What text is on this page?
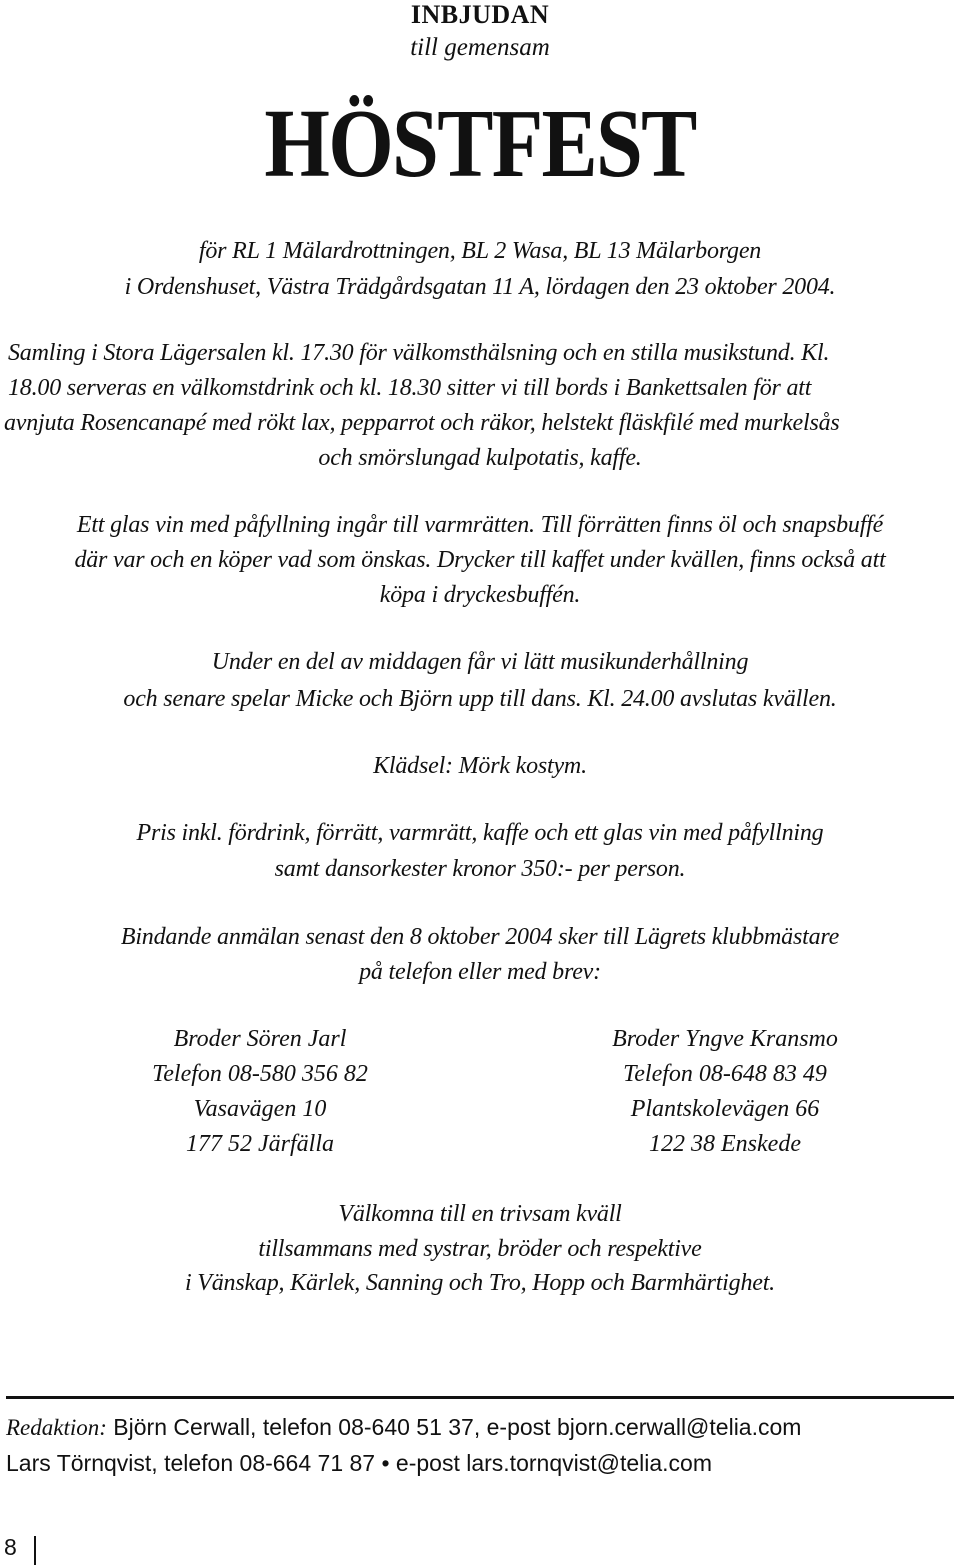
INBJUDAN
till gemensam
HÖSTFEST
för RL 1 Mälardrottningen, BL 2 Wasa, BL 13 Mälarborgen
i Ordenshuset, Västra Trädgårdsgatan 11 A, lördagen den 23 oktober 2004.
Samling i Stora Lägersalen kl. 17.30 för välkomsthälsning och en stilla musikstund. Kl.
18.00 serveras en välkomstdrink och kl. 18.30 sitter vi till bords i Bankettsalen för att
avnjuta Rosencanapé med rökt lax, pepparrot och räkor, helstekt fläskfilé med murkelsås
och smörslungad kulpotatis, kaffe.
Ett glas vin med påfyllning ingår till varmrätten. Till förrätten finns öl och snapsbuffé
där var och en köper vad som önskas. Drycker till kaffet under kvällen, finns också att
köpa i dryckesbuffén.
Under en del av middagen får vi lätt musikunderhållning
och senare spelar Micke och Björn upp till dans. Kl. 24.00 avslutas kvällen.
Klädsel: Mörk kostym.
Pris inkl. fördrink, förrätt, varmrätt, kaffe och ett glas vin med påfyllning
samt dansorkester kronor 350:- per person.
Bindande anmälan senast den 8 oktober 2004 sker till Lägrets klubbmästare
på telefon eller med brev:
Broder Sören Jarl
Telefon 08-580 356 82
Vasavägen 10
177 52 Järfälla
Broder Yngve Kransmo
Telefon 08-648 83 49
Plantskolevägen 66
122 38 Enskede
Välkomna till en trivsam kväll
tillsammans med systrar, bröder och respektive
i Vänskap, Kärlek, Sanning och Tro, Hopp och Barmhärtighet.
Redaktion: Björn Cerwall, telefon 08-640 51 37, e-post bjorn.cerwall@telia.com
Lars Törnqvist, telefon 08-664 71 87 • e-post lars.tornqvist@telia.com
8
